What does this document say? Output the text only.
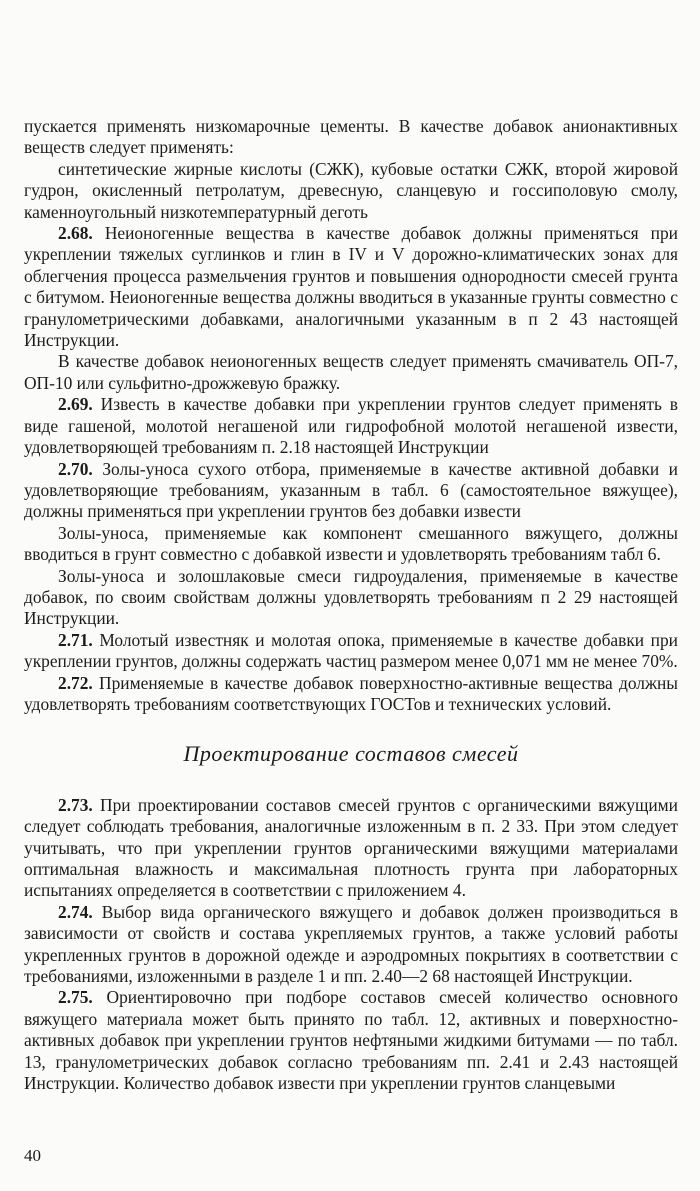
пускается применять низкомарочные цементы. В качестве добавок анионактивных веществ следует применять:

синтетические жирные кислоты (СЖК), кубовые остатки СЖК, второй жировой гудрон, окисленный петролатум, древесную, сланцевую и госсиполовую смолу, каменноугольный низкотемпературный деготь

2.68. Неионогенные вещества в качестве добавок должны применяться при укреплении тяжелых суглинков и глин в IV и V дорожно-климатических зонах для облегчения процесса размельчения грунтов и повышения однородности смесей грунта с битумом. Неионогенные вещества должны вводиться в указанные грунты совместно с гранулометрическими добавками, аналогичными указанным в п 2 43 настоящей Инструкции.

В качестве добавок неионогенных веществ следует применять смачиватель ОП-7, ОП-10 или сульфитно-дрожжевую бражку.

2.69. Известь в качестве добавки при укреплении грунтов следует применять в виде гашеной, молотой негашеной или гидрофобной молотой негашеной извести, удовлетворяющей требованиям п. 2.18 настоящей Инструкции

2.70. Золы-уноса сухого отбора, применяемые в качестве активной добавки и удовлетворяющие требованиям, указанным в табл. 6 (самостоятельное вяжущее), должны применяться при укреплении грунтов без добавки извести

Золы-уноса, применяемые как компонент смешанного вяжущего, должны вводиться в грунт совместно с добавкой извести и удовлетворять требованиям табл 6.

Золы-уноса и золошлаковые смеси гидроудаления, применяемые в качестве добавок, по своим свойствам должны удовлетворять требованиям п 2 29 настоящей Инструкции.

2.71. Молотый известняк и молотая опока, применяемые в качестве добавки при укреплении грунтов, должны содержать частиц размером менее 0,071 мм не менее 70%.

2.72. Применяемые в качестве добавок поверхностно-активные вещества должны удовлетворять требованиям соответствующих ГОСТов и технических условий.

Проектирование составов смесей

2.73. При проектировании составов смесей грунтов с органическими вяжущими следует соблюдать требования, аналогичные изложенным в п. 2 33. При этом следует учитывать, что при укреплении грунтов органическими вяжущими материалами оптимальная влажность и максимальная плотность грунта при лабораторных испытаниях определяется в соответствии с приложением 4.

2.74. Выбор вида органического вяжущего и добавок должен производиться в зависимости от свойств и состава укрепляемых грунтов, а также условий работы укрепленных грунтов в дорожной одежде и аэродромных покрытиях в соответствии с требованиями, изложенными в разделе 1 и пп. 2.40—2 68 настоящей Инструкции.

2.75. Ориентировочно при подборе составов смесей количество основного вяжущего материала может быть принято по табл. 12, активных и поверхностно-активных добавок при укреплении грунтов нефтяными жидкими битумами — по табл. 13, гранулометрических добавок согласно требованиям пп. 2.41 и 2.43 настоящей Инструкции. Количество добавок извести при укреплении грунтов сланцевыми

40
